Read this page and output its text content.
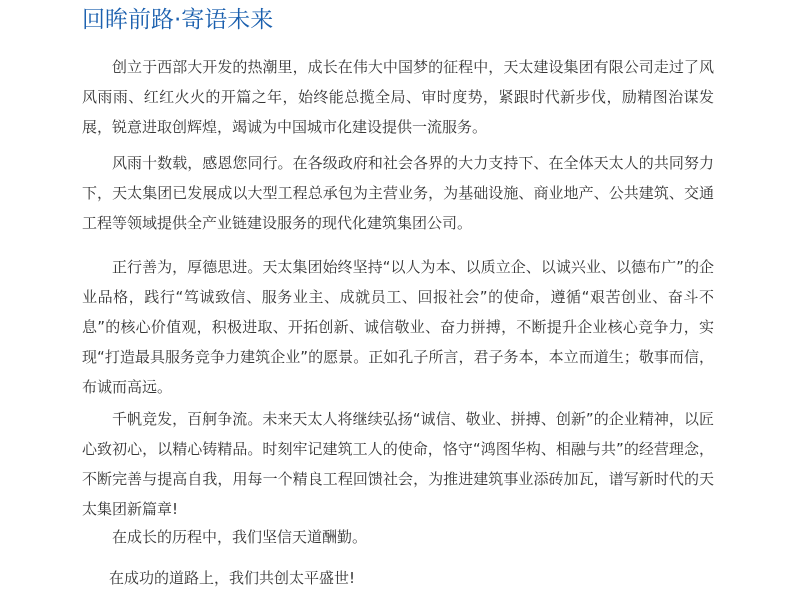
回眸前路·寄语未来

创立于西部大开发的热潮里，成长在伟大中国梦的征程中，天太建设集团有限公司走过了风风雨雨、红红火火的开篇之年，始终能总揽全局、审时度势，紧跟时代新步伐，励精图治谋发展，锐意进取创辉煌，竭诚为中国城市化建设提供一流服务。

风雨十数载，感恩您同行。在各级政府和社会各界的大力支持下、在全体天太人的共同努力下，天太集团已发展成以大型工程总承包为主营业务，为基础设施、商业地产、公共建筑、交通工程等领域提供全产业链建设服务的现代化建筑集团公司。

正行善为，厚德思进。天太集团始终坚持“以人为本、以质立企、以诚兴业、以德布广”的企业品格，践行“笃诚致信、服务业主、成就员工、回报社会”的使命，遵循“艰苦创业、奋斗不息”的核心价值观，积极进取、开拓创新、诚信敬业、奋力拼搏，不断提升企业核心竞争力，实现“打造最具服务竞争力建筑企业”的愿景。正如孔子所言，君子务本，本立而道生；敬事而信，布诚而高远。

千帆竞发，百舸争流。未来天太人将继续弘扬“诚信、敬业、拼搏、创新”的企业精神，以匠心致初心，以精心铸精品。时刻牢记建筑工人的使命，恪守“鸿图华构、相融与共”的经营理念，不断完善与提高自我，用每一个精良工程回馈社会，为推进建筑事业添砖加瓦，谱写新时代的天太集团新篇章!

在成长的历程中，我们坚信天道酬勤。

在成功的道路上，我们共创太平盛世!
